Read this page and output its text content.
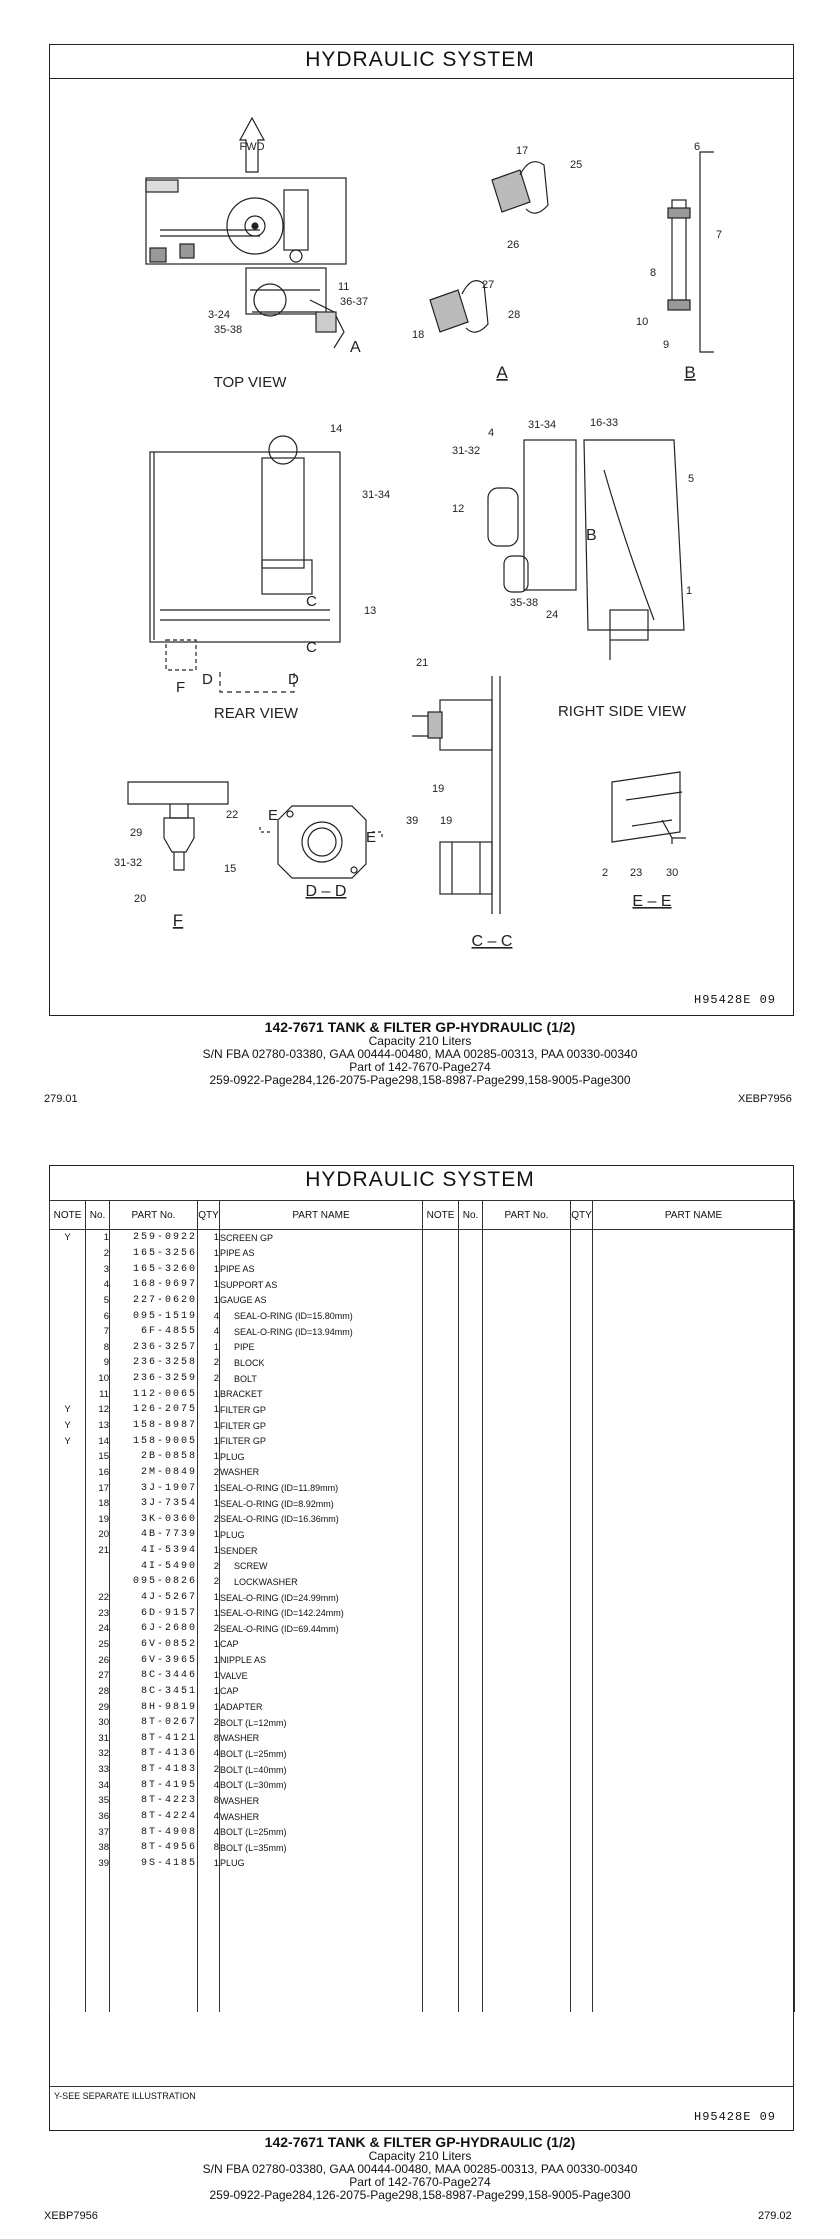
HYDRAULIC SYSTEM
FWD
11
36-37
3-24
35-38
A
TOP VIEW
17
25
26
27
28
18
A
6
7
8
10
9
B
14
31-34
13
C
C
F D	D
REAR VIEW
4
31-34	16-33
31-32
12
5
B
35-38
24
1
RIGHT SIDE VIEW
21
19
39 19
C – C
22
29
31-32	15
20
F
E
E
D – D
2 23 30
E – E
H95428E 09
142-7671 TANK & FILTER GP-HYDRAULIC (1/2)
Capacity 210 Liters
S/N FBA 02780-03380, GAA 00444-00480, MAA 00285-00313, PAA 00330-00340
Part of 142-7670-Page274
259-0922-Page284,126-2075-Page298,158-8987-Page299,158-9005-Page300
279.01	XEBP7956
HYDRAULIC SYSTEM
NOTE	No.	PART No.	QTY	PART NAME	NOTE	No.	PART No.	QTY	PART NAME
Y	1	259-0922	1	SCREEN GP					
	2	165-3256	1	PIPE AS					
	3	165-3260	1	PIPE AS					
	4	168-9697	1	SUPPORT AS					
	5	227-0620	1	GAUGE AS					
	6	095-1519	4	SEAL-O-RING (ID=15.80mm)					
	7	6F-4855	4	SEAL-O-RING (ID=13.94mm)					
	8	236-3257	1	PIPE					
	9	236-3258	2	BLOCK					
	10	236-3259	2	BOLT					
	11	112-0065	1	BRACKET					
Y	12	126-2075	1	FILTER GP					
Y	13	158-8987	1	FILTER GP					
Y	14	158-9005	1	FILTER GP					
	15	2B-0858	1	PLUG					
	16	2M-0849	2	WASHER					
	17	3J-1907	1	SEAL-O-RING (ID=11.89mm)					
	18	3J-7354	1	SEAL-O-RING (ID=8.92mm)					
	19	3K-0360	2	SEAL-O-RING (ID=16.36mm)					
	20	4B-7739	1	PLUG					
	21	4I-5394	1	SENDER					
		4I-5490	2	SCREW					
		095-0826	2	LOCKWASHER					
	22	4J-5267	1	SEAL-O-RING (ID=24.99mm)					
	23	6D-9157	1	SEAL-O-RING (ID=142.24mm)					
	24	6J-2680	2	SEAL-O-RING (ID=69.44mm)					
	25	6V-0852	1	CAP					
	26	6V-3965	1	NIPPLE AS					
	27	8C-3446	1	VALVE					
	28	8C-3451	1	CAP					
	29	8H-9819	1	ADAPTER					
	30	8T-0267	2	BOLT (L=12mm)					
	31	8T-4121	8	WASHER					
	32	8T-4136	4	BOLT (L=25mm)					
	33	8T-4183	2	BOLT (L=40mm)					
	34	8T-4195	4	BOLT (L=30mm)					
	35	8T-4223	8	WASHER					
	36	8T-4224	4	WASHER					
	37	8T-4908	4	BOLT (L=25mm)					
	38	8T-4956	8	BOLT (L=35mm)					
	39	9S-4185	1	PLUG					

Y-SEE SEPARATE ILLUSTRATION
H95428E 09
142-7671 TANK & FILTER GP-HYDRAULIC (1/2)
Capacity 210 Liters
S/N FBA 02780-03380, GAA 00444-00480, MAA 00285-00313, PAA 00330-00340
Part of 142-7670-Page274
259-0922-Page284,126-2075-Page298,158-8987-Page299,158-9005-Page300
XEBP7956	279.02
